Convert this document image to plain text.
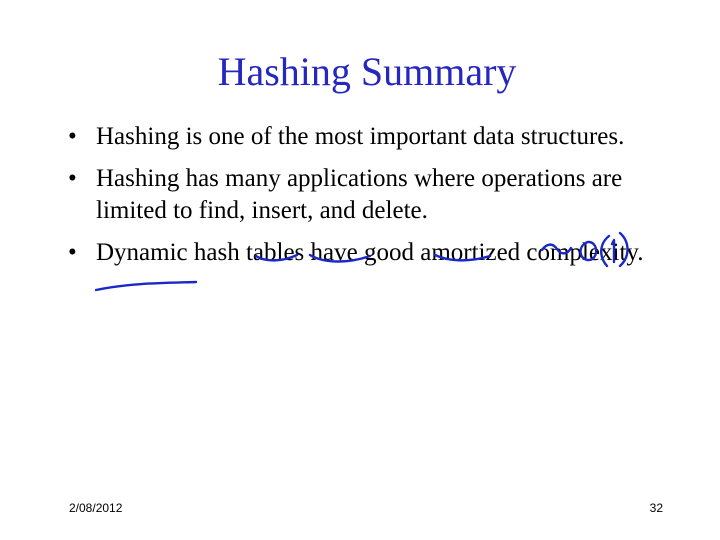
Hashing Summary
• Hashing is one of the most important data structures.
• Hashing has many applications where operations are limited to find, insert, and delete.
• Dynamic hash tables have good amortized complexity.
2/08/2012	32
